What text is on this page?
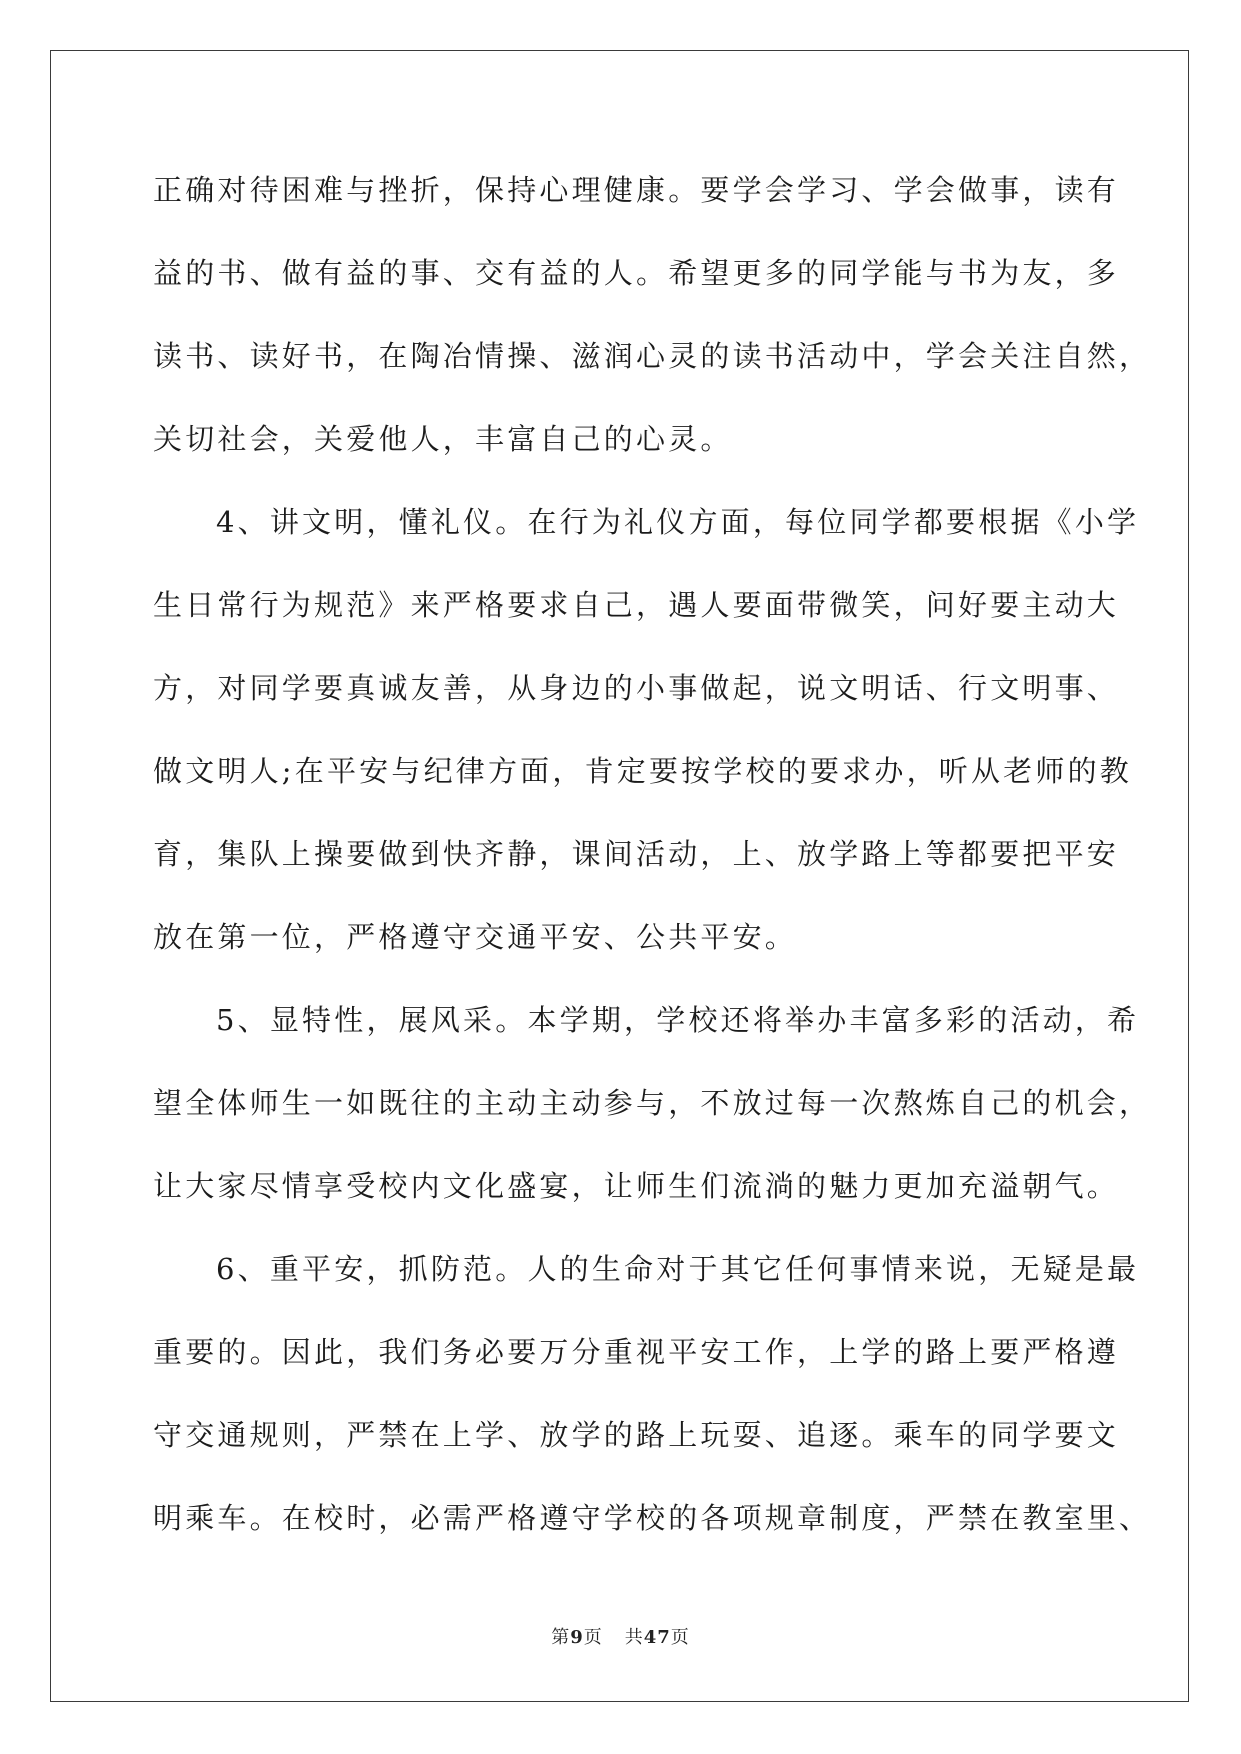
正确对待困难与挫折，保持心理健康。要学会学习、学会做事，读有
益的书、做有益的事、交有益的人。希望更多的同学能与书为友，多
读书、读好书，在陶冶情操、滋润心灵的读书活动中，学会关注自然，
关切社会，关爱他人，丰富自己的心灵。
4、讲文明，懂礼仪。在行为礼仪方面，每位同学都要根据《小学
生日常行为规范》来严格要求自己，遇人要面带微笑，问好要主动大
方，对同学要真诚友善，从身边的小事做起，说文明话、行文明事、
做文明人;在平安与纪律方面，肯定要按学校的要求办，听从老师的教
育，集队上操要做到快齐静，课间活动，上、放学路上等都要把平安
放在第一位，严格遵守交通平安、公共平安。
5、显特性，展风采。本学期，学校还将举办丰富多彩的活动，希
望全体师生一如既往的主动主动参与，不放过每一次熬炼自己的机会，
让大家尽情享受校内文化盛宴，让师生们流淌的魅力更加充溢朝气。
6、重平安，抓防范。人的生命对于其它任何事情来说，无疑是最
重要的。因此，我们务必要万分重视平安工作，上学的路上要严格遵
守交通规则，严禁在上学、放学的路上玩耍、追逐。乘车的同学要文
明乘车。在校时，必需严格遵守学校的各项规章制度，严禁在教室里、
第9页 共47页
